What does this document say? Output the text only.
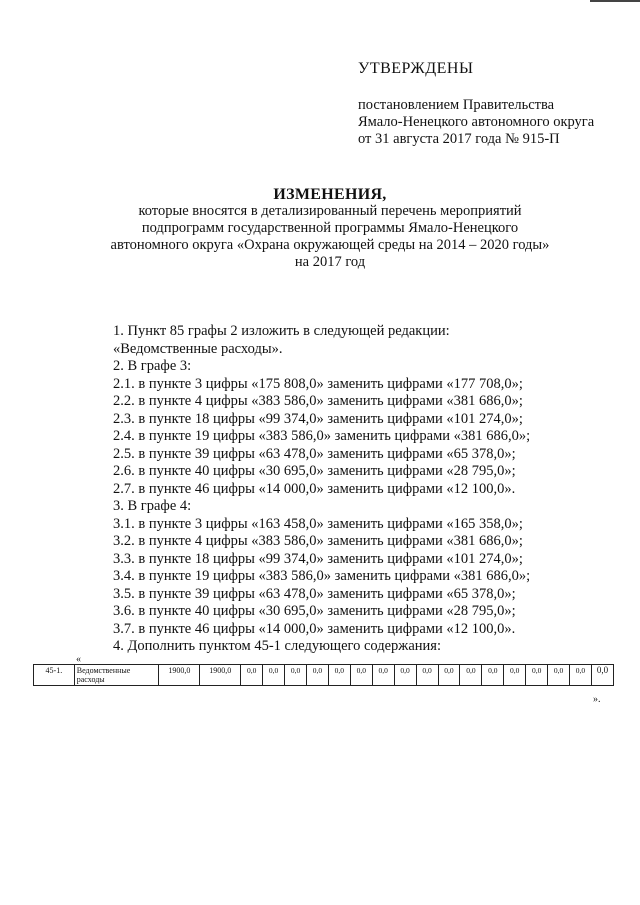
УТВЕРЖДЕНЫ
постановлением Правительства
Ямало-Ненецкого автономного округа
от 31 августа 2017 года № 915-П
ИЗМЕНЕНИЯ,
которые вносятся в детализированный перечень мероприятий
подпрограмм государственной программы Ямало-Ненецкого
автономного округа «Охрана окружающей среды на 2014 – 2020 годы»
на 2017 год
1. Пункт 85 графы 2 изложить в следующей редакции:
«Ведомственные расходы».
2. В графе 3:
2.1. в пункте 3 цифры «175 808,0» заменить цифрами «177 708,0»;
2.2. в пункте 4 цифры «383 586,0» заменить цифрами «381 686,0»;
2.3. в пункте 18 цифры «99 374,0» заменить цифрами «101 274,0»;
2.4. в пункте 19 цифры «383 586,0» заменить цифрами «381 686,0»;
2.5. в пункте 39 цифры «63 478,0» заменить цифрами «65 378,0»;
2.6. в пункте 40 цифры «30 695,0» заменить цифрами «28 795,0»;
2.7. в пункте 46 цифры «14 000,0» заменить цифрами «12 100,0».
3. В графе 4:
3.1. в пункте 3 цифры «163 458,0» заменить цифрами «165 358,0»;
3.2. в пункте 4 цифры «383 586,0» заменить цифрами «381 686,0»;
3.3. в пункте 18 цифры «99 374,0» заменить цифрами «101 274,0»;
3.4. в пункте 19 цифры «383 586,0» заменить цифрами «381 686,0»;
3.5. в пункте 39 цифры «63 478,0» заменить цифрами «65 378,0»;
3.6. в пункте 40 цифры «30 695,0» заменить цифрами «28 795,0»;
3.7. в пункте 46 цифры «14 000,0» заменить цифрами «12 100,0».
4. Дополнить пунктом 45-1 следующего содержания:
«
45-1.	Ведомственные расходы	1900,0	1900,0	0,0	0,0	0,0	0,0	0,0	0,0	0,0	0,0	0,0	0,0	0,0	0,0	0,0	0,0	0,0	0,0	0,0
».
